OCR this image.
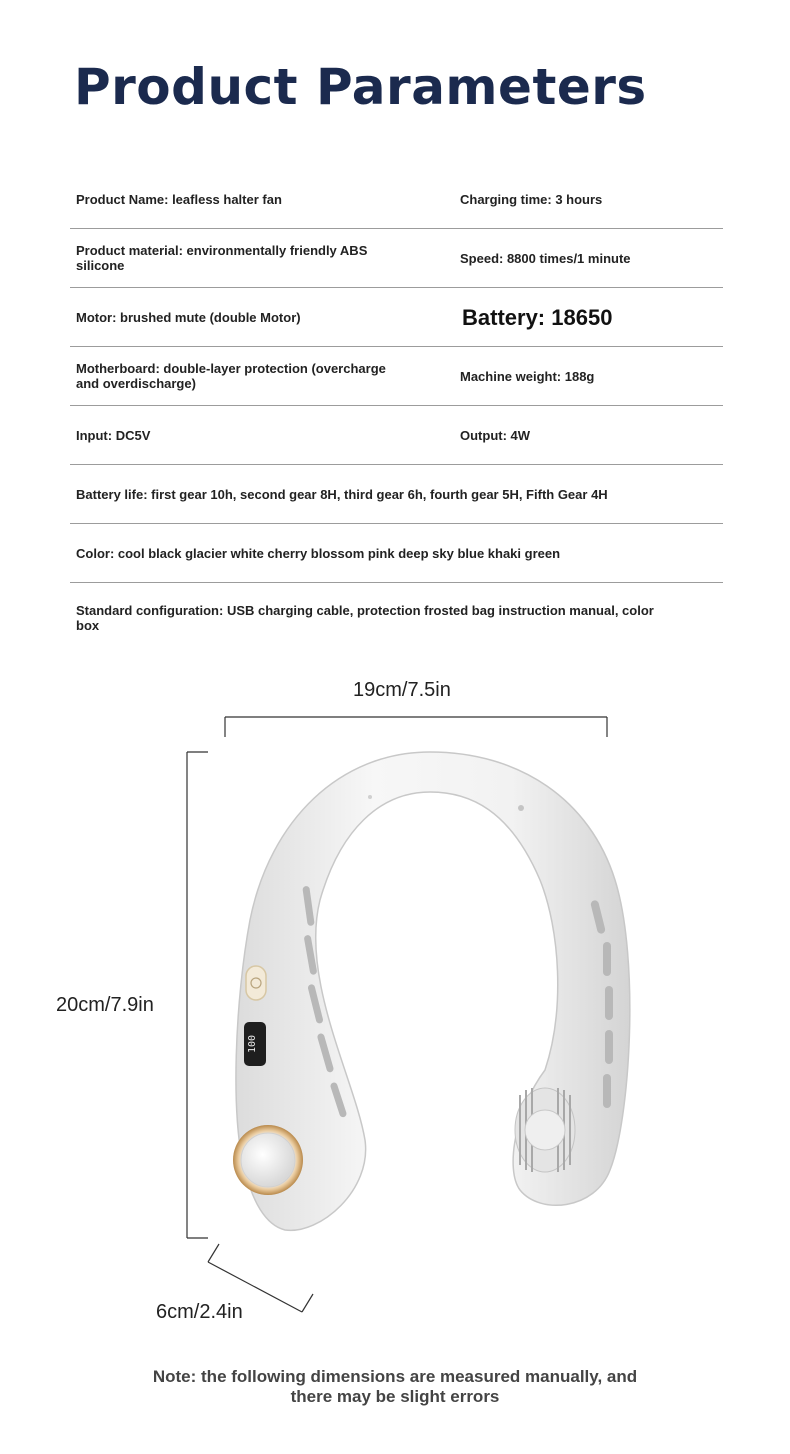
Product Parameters
Product Name: leafless halter fan	Charging time: 3 hours
Product material: environmentally friendly ABS silicone	Speed: 8800 times/1 minute
Motor: brushed mute (double Motor)	Battery: 18650
Motherboard: double-layer protection (overcharge and overdischarge)	Machine weight: 188g
Input: DC5V	Output: 4W
Battery life: first gear 10h, second gear 8H, third gear 6h, fourth gear 5H, Fifth Gear 4H
Color: cool black glacier white cherry blossom pink deep sky blue khaki green
Standard configuration: USB charging cable, protection frosted bag instruction manual, color box
100
19cm/7.5in
20cm/7.9in
6cm/2.4in
Note: the following dimensions are measured manually, and
there may be slight errors
